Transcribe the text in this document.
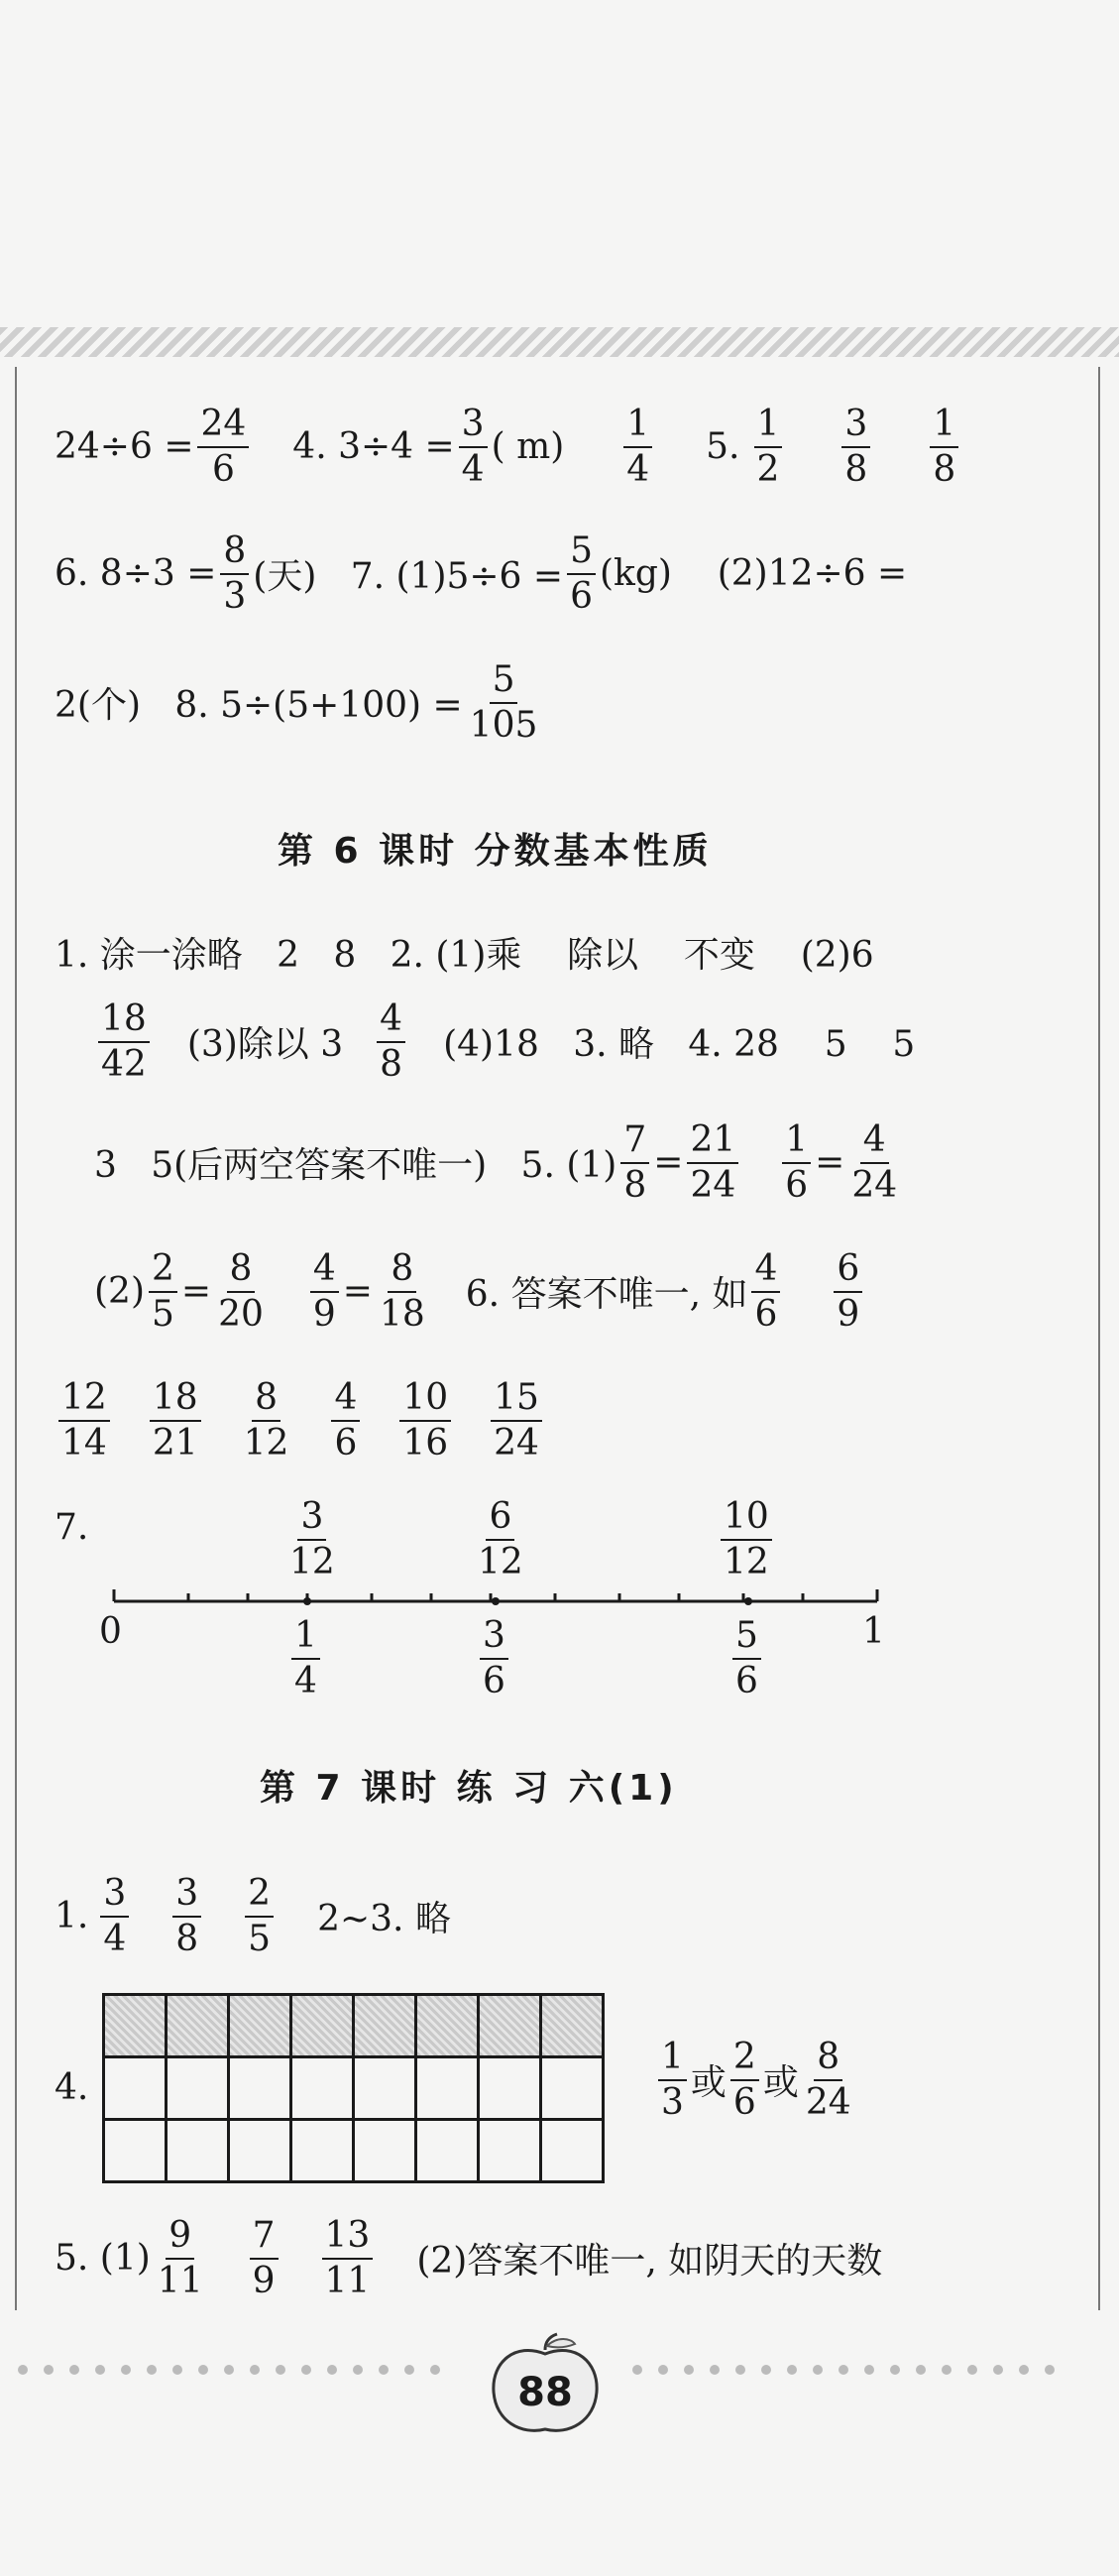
$24\div 6 = \frac{24}{6} 4$. $3\div 4 = \frac{3}{4}$ ( $m) \frac{1}{4} 5$. $\frac{1}{2} \frac{3}{8} \frac{1}{8}$
6. $8\div 3 = \frac{8}{3}$ (天)   7. $(1)5\div 6 = \frac{5}{6} (kg)$    (2)12÷6 =
2(个)   8. $5\div(5+100) = \frac{5}{105}$
第 6 课时 分数基本性质
1. 涂一涂略   2   8   2. (1)乘    除以    不变    (2)6
$\frac{18}{42} (3)$除以 $3 \frac{4}{8} (4)18$   3. 略   4. 28    5    5
3   5(后两空答案不唯一)   5. $(1) \frac{7}{8} = \frac{21}{24} \frac{1}{6} = \frac{4}{24}$
$(2) \frac{2}{5} = \frac{8}{20} \frac{4}{9} = \frac{8}{18} 6$. 答案不唯一, 如 $\frac{4}{6} \frac{6}{9}$
$\frac{12}{14} \frac{18}{21} \frac{8}{12} \frac{4}{6} \frac{10}{16} \frac{15}{24}$
7.	$\frac{3}{12}$	$\frac{6}{12}$	$\frac{10}{12}$
0	1
$\frac{1}{4}$	$\frac{3}{6}$	$\frac{5}{6}$
第 7 课时 练 习 六(1)
1. $\frac{3}{4} \frac{3}{8} \frac{2}{5}$ 2~3. 略
4.

								$\frac{1}{3}$ 或 $\frac{2}{6}$ 或 $\frac{8}{24}$
5. $(1) \frac{9}{11} \frac{7}{9} \frac{13}{11} (2)$答案不唯一, 如阴天的天数
88
